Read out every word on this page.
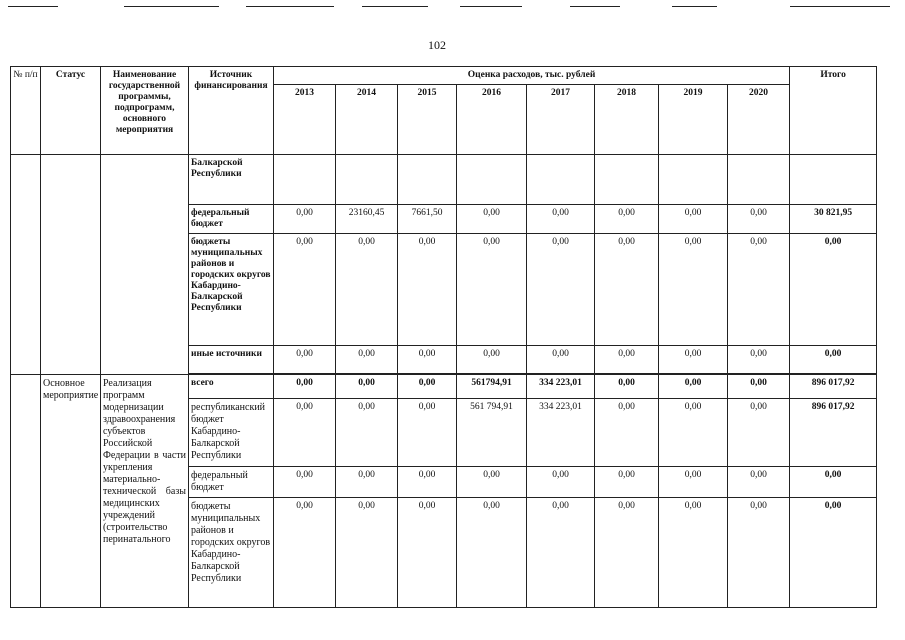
102
№ п/п	Статус	Наименование государственной программы, подпрограмм, основного мероприятия	Источник финансирования	Оценка расходов, тыс. рублей								Итого
				2013	2014	2015	2016	2017	2018	2019	2020	
			Балкарской Республики									
			федеральный бюджет	0,00	23160,45	7661,50	0,00	0,00	0,00	0,00	0,00	30 821,95
			бюджеты муниципальных районов и городских округов Кабардино-Балкарской Республики	0,00	0,00	0,00	0,00	0,00	0,00	0,00	0,00	0,00
			иные источники	0,00	0,00	0,00	0,00	0,00	0,00	0,00	0,00	0,00

	Основное мероприятие	Реализация программ модернизации здравоохранения субъектов Российской Федерации в части укрепления материально-технической базы медицинских учреждений (строительство перинатального	всего	0,00	0,00	0,00	561794,91	334 223,01	0,00	0,00	0,00	896 017,92
			республиканский бюджет Кабардино-Балкарской Республики	0,00	0,00	0,00	561 794,91	334 223,01	0,00	0,00	0,00	896 017,92
			федеральный бюджет	0,00	0,00	0,00	0,00	0,00	0,00	0,00	0,00	0,00
			бюджеты муниципальных районов и городских округов Кабардино-Балкарской Республики	0,00	0,00	0,00	0,00	0,00	0,00	0,00	0,00	0,00
